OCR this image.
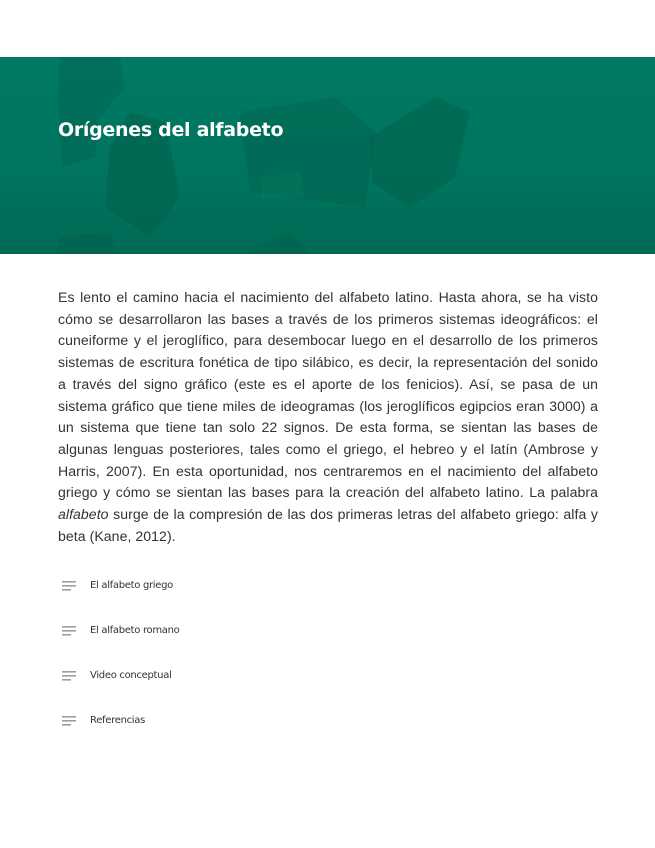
Orígenes del alfabeto

Es lento el camino hacia el nacimiento del alfabeto latino. Hasta ahora, se ha visto cómo se desarrollaron las bases a través de los primeros sistemas ideográficos: el cuneiforme y el jeroglífico, para desembocar luego en el desarrollo de los primeros sistemas de escritura fonética de tipo silábico, es decir, la representación del sonido a través del signo gráfico (este es el aporte de los fenicios). Así, se pasa de un sistema gráfico que tiene miles de ideogramas (los jeroglíficos egipcios eran 3000) a un sistema que tiene tan solo 22 signos. De esta forma, se sientan las bases de algunas lenguas posteriores, tales como el griego, el hebreo y el latín (Ambrose y Harris, 2007). En esta oportunidad, nos centraremos en el nacimiento del alfabeto griego y cómo se sientan las bases para la creación del alfabeto latino. La palabra alfabeto surge de la compresión de las dos primeras letras del alfabeto griego: alfa y beta (Kane, 2012).

El alfabeto griego
El alfabeto romano
Video conceptual
Referencias
